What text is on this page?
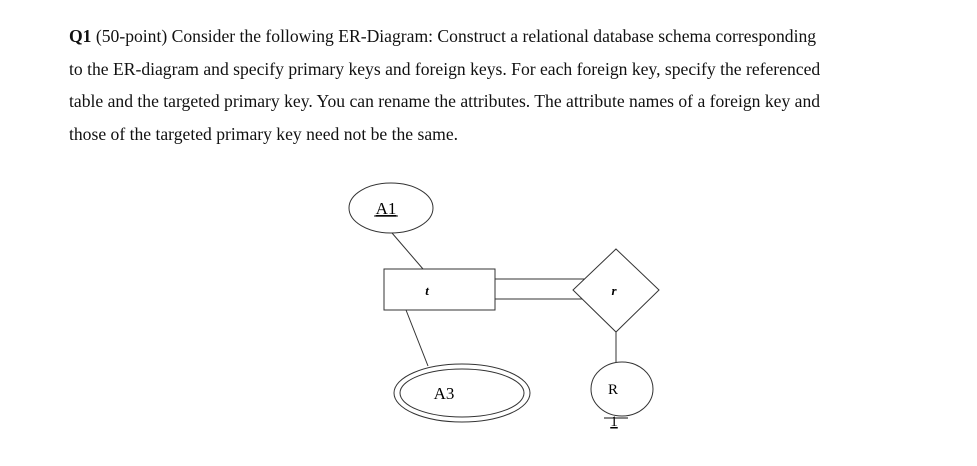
Q1 (50-point) Consider the following ER-Diagram: Construct a relational database schema corresponding
to the ER-diagram and specify primary keys and foreign keys. For each foreign key, specify the referenced
table and the targeted primary key. You can rename the attributes. The attribute names of a foreign key and
those of the targeted primary key need not be the same.
A1
t	r
A3	R
1
